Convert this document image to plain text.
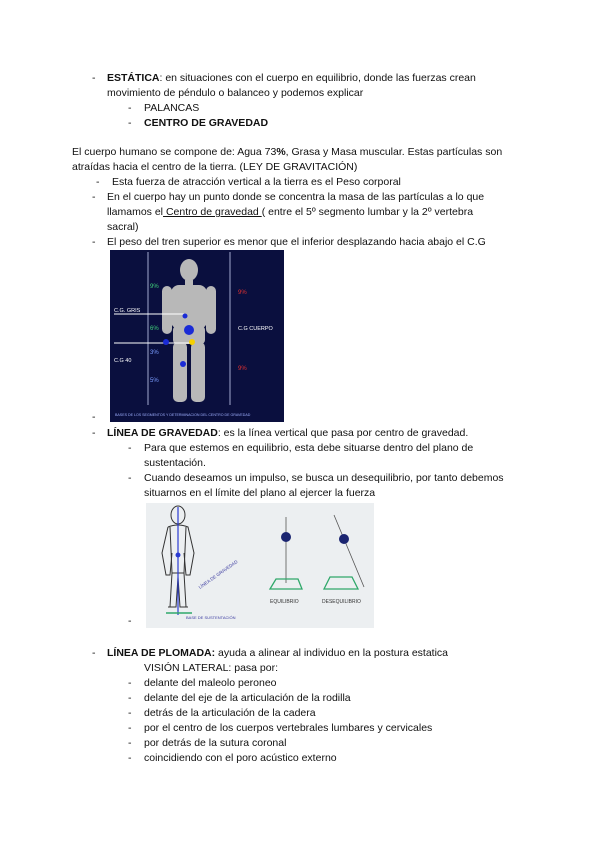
- ESTÁTICA: en situaciones con el cuerpo en equilibrio, donde las fuerzas crean
movimiento de péndulo o balanceo y podemos explicar
- PALANCAS
- CENTRO DE GRAVEDAD
El cuerpo humano se compone de: Agua 73%, Grasa y Masa muscular. Estas partículas son
atraídas hacia el centro de la tierra. (LEY DE GRAVITACIÓN)
- Esta fuerza de atracción vertical a la tierra es el Peso corporal
- En el cuerpo hay un punto donde se concentra la masa de las partículas a lo que
llamamos el Centro de gravedad ( entre el 5º segmento lumbar y la 2º vertebra
sacral)
- El peso del tren superior es menor que el inferior desplazando hacia abajo el C.G
9%
6%
3%
5%
9%
9%
C.G. GRIS
C.G CUERPO
C.G 40
BASES DE LOS SEGMENTOS Y DETERMINACION DEL CENTRO DE GRAVEDAD
-
- LÍNEA DE GRAVEDAD: es la línea vertical que pasa por centro de gravedad.
- Para que estemos en equilibrio, esta debe situarse dentro del plano de
sustentación.
- Cuando deseamos un impulso, se busca un desequilibrio, por tanto debemos
situarnos en el límite del plano al ejercer la fuerza
LÍNEA DE GRAVEDAD
BASE DE SUSTENTACIÓN
EQUILIBRIO	DESEQUILIBRIO
-
- LÍNEA DE PLOMADA: ayuda a alinear al individuo en la postura estatica
VISIÓN LATERAL: pasa por:
- delante del maleolo peroneo
- delante del eje de la articulación de la rodilla
- detrás de la articulación de la cadera
- por el centro de los cuerpos vertebrales lumbares y cervicales
- por detrás de la sutura coronal
- coincidiendo con el poro acústico externo
